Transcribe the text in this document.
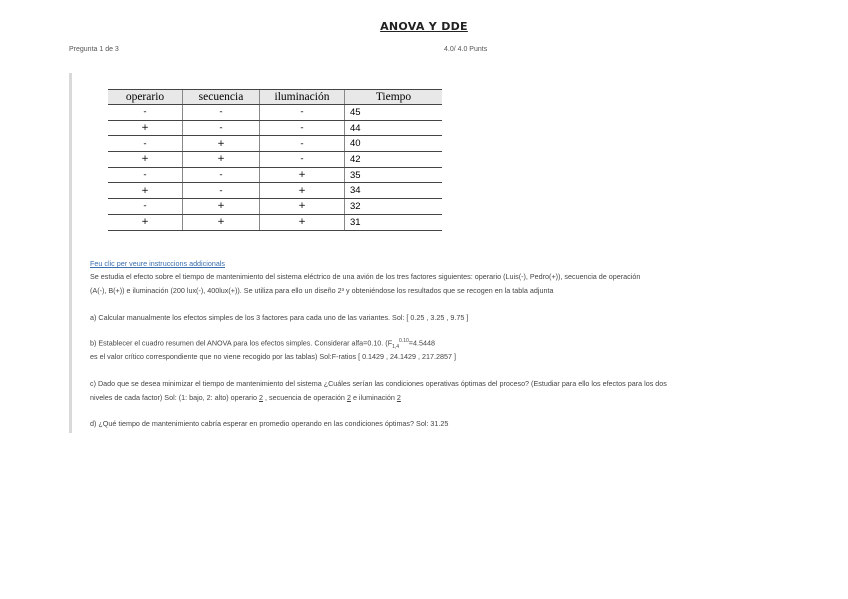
ANOVA Y DDE
Pregunta 1 de 3	4.0/ 4.0 Punts
operario	secuencia	iluminación	Tiempo
-	-	-	45
+	-	-	44
-	+	-	40
+	+	-	42
-	-	+	35
+	-	+	34
-	+	+	32
+	+	+	31
Feu clic per veure instruccions addicionals
Se estudia el efecto sobre el tiempo de mantenimiento del sistema eléctrico de una avión de los tres factores siguientes: operario (Luis(-), Pedro(+)), secuencia de operación
(A(-), B(+)) e iluminación (200 lux(-), 400lux(+)). Se utiliza para ello un diseño 2³ y obteniéndose los resultados que se recogen en la tabla adjunta
a) Calcular manualmente los efectos simples de los 3 factores para cada uno de las variantes. Sol: [ 0.25 , 3.25 , 9.75 ]
b) Establecer el cuadro resumen del ANOVA para los efectos simples. Considerar alfa=0.10. ($F_{1,4}^{0.10}=4.5448$
es el valor crítico correspondiente que no viene recogido por las tablas) Sol:F-ratios [ 0.1429 , 24.1429 , 217.2857 ]
c) Dado que se desea minimizar el tiempo de mantenimiento del sistema ¿Cuáles serían las condiciones operativas óptimas del proceso? (Estudiar para ello los efectos para los dos
niveles de cada factor) Sol: (1: bajo, 2: alto) operario 2 , secuencia de operación 2 e iluminación 2
d) ¿Qué tiempo de mantenimiento cabría esperar en promedio operando en las condiciones óptimas? Sol: 31.25
